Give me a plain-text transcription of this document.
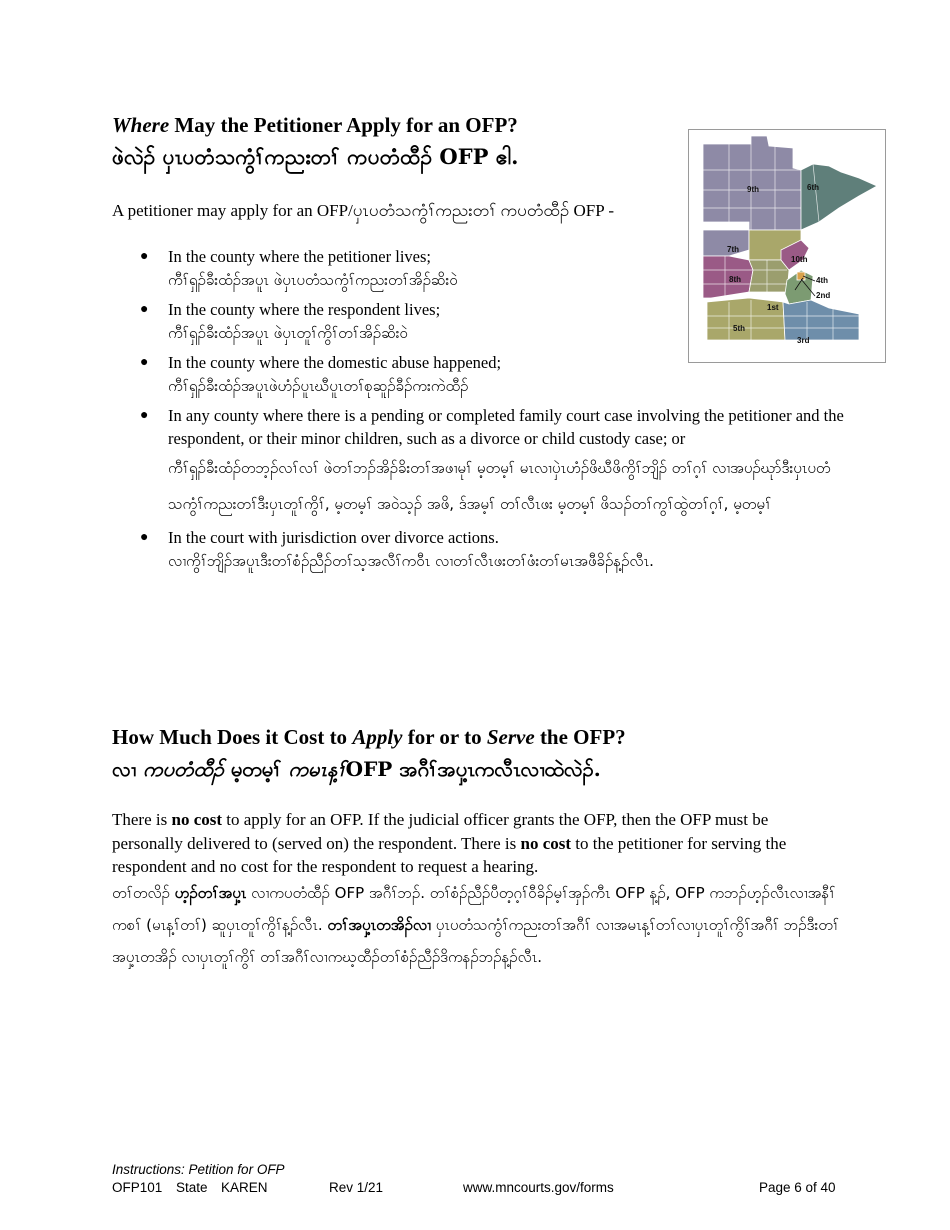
Where May the Petitioner Apply for an OFP?
ဖဲလဲၣ် ပှၤပတံသကွံၢ်ကညးတၢ် ကပတံထီၣ် OFP ဧါ.
A petitioner may apply for an OFP/ပှၤပတံသကွံၢ်ကညးတၢ် ကပတံထီၣ် OFP -
● In the county where the petitioner lives;
ကီၢ်ရှၣ်ခီးထံၣ်အပူၤ ဖဲပှၤပတံသကွံၢ်ကညးတၢ်အိၣ်ဆိးဝဲ
● In the county where the respondent lives;
ကီၢ်ရှၣ်ခီးထံၣ်အပူၤ ဖဲပှၤတူၢ်ကွိၢ်တၢ်အိၣ်ဆိးဝဲ
● In the county where the domestic abuse happened;
ကီၢ်ရှၣ်ခီးထံၣ်အပူၤဖဲဟံၣ်ပူၤဃီပူၤတၢ်စုဆူၣ်ခီၣ်ကးကဲထီၣ်
● In any county where there is a pending or completed family court case involving the petitioner and the respondent, or their minor children, such as a divorce or child custody case; or
ကီၢ်ရှၣ်ခီးထံၣ်တဘ့ၣ်လၢ်လၢ် ဖဲတၢ်ဘၣ်အိၣ်ခိးတၢ်အဖၢမုၢ် မ့တမ့ၢ် မၤလၢပှဲၤဟံၣ်ဖိဃီဖိကွိၢ်ဘျိၣ် တၢ်ဂ့ၢ် လၢအပၣ်ဃုာ်ဒီးပှၤပတံသကွံၢ်ကညးတၢ်ဒီးပှၤတူၢ်ကွိၢ်, မ့တမ့ၢ် အဝဲသ့ၣ် အဖိ, ဒ်အမ့ၢ် တၢ်လီၤဖး မ့တမ့ၢ် ဖိသၣ်တၢ်ကွၢ်ထွဲတၢ်ဂ့ၢ်, မ့တမ့ၢ်
● In the court with jurisdiction over divorce actions.
လၢကွိၢ်ဘျိၣ်အပူၤဒီးတၢ်စံၣ်ညီၣ်တၢ်သ့အလီၢ်ကဝီၤ လၢတၢ်လီၤဖးတၢ်ဖံးတၢ်မၤအဖီခိၣ်န့ၣ်လီၤ.
9th	6th
7th
10th
4th
8th
2nd
1st
5th
3rd
How Much Does it Cost to Apply for or to Serve the OFP?
လၢ ကပတံထီၣ် မ့တမ့ၢ် ကမၤန့ၢ်OFP အဂီၢ်အပှ့ၤကလီၤလၢထဲလဲၣ်.
There is no cost to apply for an OFP. If the judicial officer grants the OFP, then the OFP must be personally delivered to (served on) the respondent. There is no cost to the petitioner for serving the respondent and no cost for the respondent to request a hearing.
တၢ်တလိၣ် ဟ့ၣ်တၢ်အပှ့ၤ လၢကပတံထီၣ် OFP အဂီၢ်ဘၣ်. တၢ်စံၣ်ညီၣ်ပီတ့ဂ့ၢ်ဝီခိၣ်မ့ၢ်အှၣ်ကီၤ OFP န့ၣ်, OFP ကဘၣ်ဟ့ၣ်လီၤလၢအနီၢ်ကစၢ် (မၤန့ၢ်တၢ်) ဆူပှၤတူၢ်ကွိၢ်န့ၣ်လီၤ. တၢ်အပှ့ၤတအိၣ်လၢ ပှၤပတံသကွံၢ်ကညးတၢ်အဂီၢ် လၢအမၤန့ၢ်တၢ်လၢပှၤတူၢ်ကွိၢ်အဂီၢ် ဘၣ်ဒီးတၢ်အပှ့ၤတအိၣ် လၢပှၤတူၢ်ကွိၢ် တၢ်အဂီၢ်လၢကဃ့ထီၣ်တၢ်စံၣ်ညီၣ်ဒိကနၣ်ဘၣ်န့ၣ်လီၤ.
Instructions: Petition for OFP
OFP101 State KAREN	Rev 1/21	www.mncourts.gov/forms	Page 6 of 40
